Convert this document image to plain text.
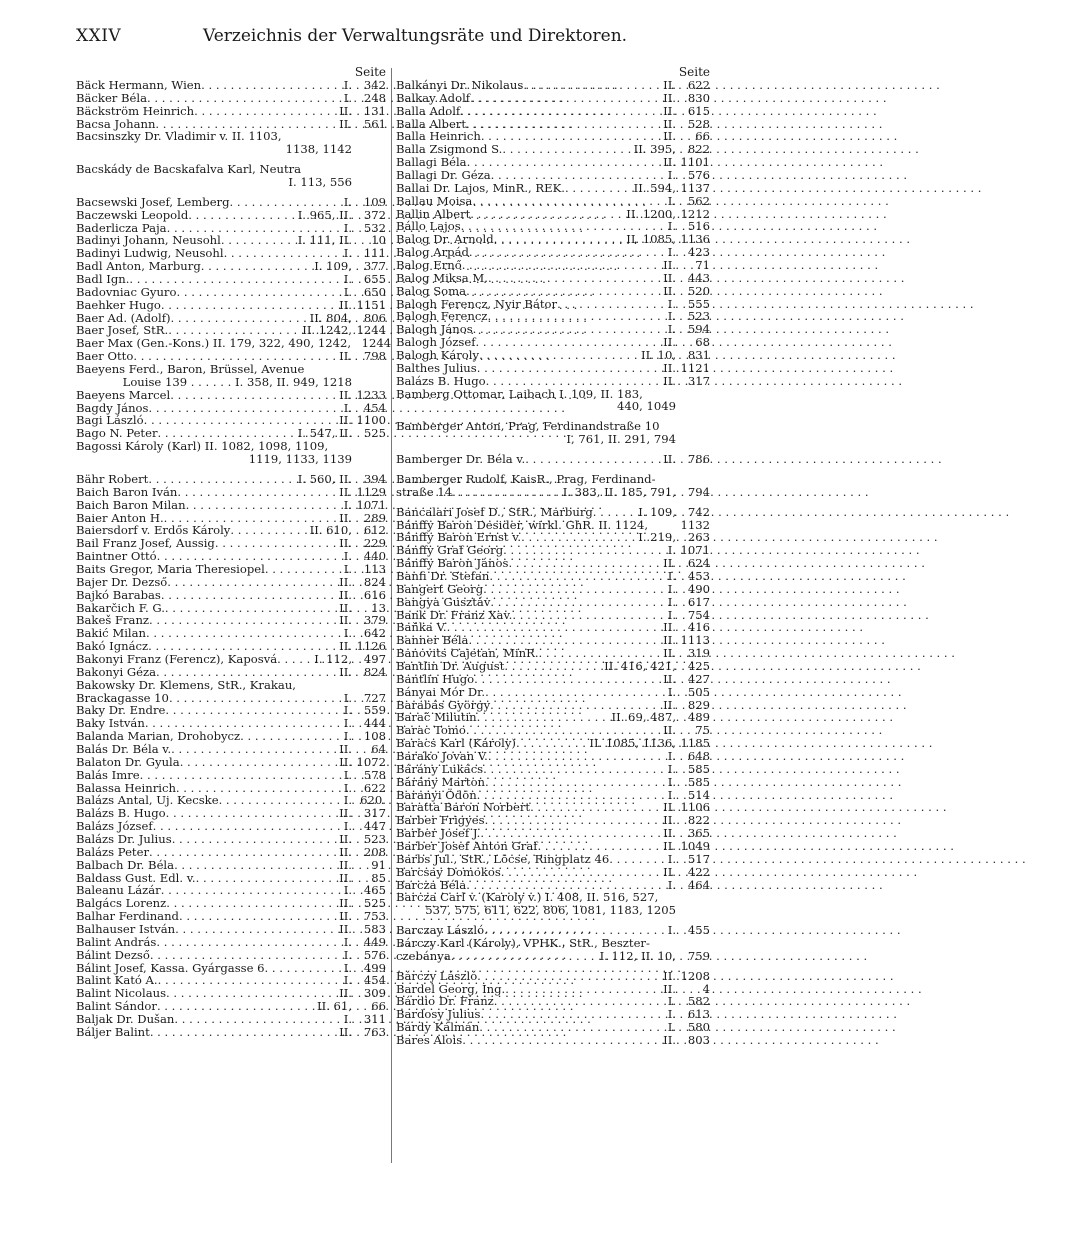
XXIV	Verzeichnis der Verwaltungsräte und Direktoren.
Seite
Bäck Hermann, Wien . . .	I.	342
Bäcker Béla . . .	I.	248
Bäckström Heinrich . . .	II.	131
Bacsa Johann . . .	II.	561
Bacsinszky Dr. Vladimir v. II. 1103,
1138, 1142
Bacskády de Bacskafalva Karl, Neutra
I. 113, 556
Bacsewski Josef, Lemberg . . .	I.	109
Baczewski Leopold . . .	I. 965, II.	372
Baderlicza Paja . . .	I.	532
Badinyi Johann, Neusohl . . .	I. 111, II.	10
Badinyi Ludwig, Neusohl . . .	I.	111
Badl Anton, Marburg . . .	I. 109,	377
Badl Ign. . . .	I.	655
Badovniac Gyuro . . .	I.	650
Baehker Hugo . . .	II. 1151
Baer Ad. (Adolf) . . .	II. 804,	806
Baer Josef, StR. . . .	II. 1242, 1244
Baer Max (Gen.-Kons.) II. 179, 322, 490, 1242, 1244
Baer Otto . . .	II.	798
Baeyens Ferd., Baron, Brüssel, Avenue
Louise 139 . . . . . . I. 358, II. 949, 1218
Baeyens Marcel . . .	II. 1233
Bagdy János . . .	I.	454
Bagi László . . .	II. 1100
Bago N. Peter . . .	I. 547, II.	525
Bagossi Károly (Karl) II. 1082, 1098, 1109,
1119, 1133, 1139
Bähr Robert . . .	I. 560, II.	394
Baich Baron Iván . . .	II. 1129
Baich Baron Milan . . .	I. 1071
Baier Anton H. . . .	II.	289
Baiersdorf v. Erdős Károly . . .	II. 610,	612
Bail Franz Josef, Aussig . . .	II.	229
Baintner Ottó . . .	I.	440
Baits Gregor, Maria Theresiopel . . .	I.	113
Bajer Dr. Dezső . . .	II.	824
Bajkó Barabas . . .	II.	616
Bakarčich F. G. . . .	II.	13
Bakeš Franz . . .	II.	379
Bakić Milan . . .	I.	642
Bakó Ignácz . . .	II. 1126
Bakonyi Franz (Ferencz), Kaposvá . . .	I. 112,	497
Bakonyi Géza . . .	II.	824
Bakowsky Dr. Klemens, StR., Krakau,
Brackagasse 10 . . .	I.	727
Baky Dr. Endre . . .	I.	559
Baky István . . .	I.	444
Balanda Marian, Drohobycz . . .	I.	108
Balás Dr. Béla v. . . .	II.	64
Balaton Dr. Gyula . . .	II. 1072
Balás Imre . . .	I.	578
Balassa Heinrich . . .	I.	622
Balázs Antal, Uj. Kecske . . .	I. 620.
Balázs B. Hugo . . .	II.	317
Balázs József . . .	I.	447
Balázs Dr. Julius . . .	II.	523
Balázs Peter . . .	II.	208
Balbach Dr. Béla . . .	II.	91
Baldass Gust. Edl. v. . . .	II.	85
Baleanu Lázár . . .	I.	465
Balgács Lorenz . . .	II.	525
Balhar Ferdinand . . .	II.	753
Balhauser István . . .	II.	583
Balint András . . .	I.	449
Bálint Dezső . . .	I.	576
Bálint Josef, Kassa. Gyárgasse 6 . . .	I.	499
Balint Kató A. . . .	I.	454
Balint Nicolaus . . .	II.	309
Balint Sándor . . .	II. 61,	66
Baljak Dr. Dušan . . .	I.	311
Báljer Balint . . .	II.	763
Seite
Balkányi Dr. Nikolaus . . .	II.	622
Balkay Adolf . . .	II.	830
Balla Adolf . . .	II.	615
Balla Albert . . .	II.	528
Balla Heinrich . . .	II.	66
Balla Zsigmond S. . . .	II. 395,	822
Ballagi Béla . . .	II. 1101
Ballagi Dr. Géza . . .	I.	576
Ballai Dr. Lajos, MinR., REK. . . .	II. 594, 1137
Ballau Moisa . . .	I.	562
Ballin Albert . . .	II. 1200, 1212
Bállo Lajos . . .	I.	516
Balog Dr. Arnold . . .	II. 1085, 1136
Balog Arpád . . .	I.	423
Balog Ernő . . .	II.	71
Balog Miksa M. . . .	II.	443
Balog Soma . . .	II.	520
Balogh Ferencz, Nyir Bátor . . .	I.	555
Balogh Ferencz . . .	I.	523
Balogh János . . .	I.	594
Balogh József . . .	II.	68
Balogh Károly . . .	II. 10,	831
Balthes Julius . . .	II. 1121
Balázs B. Hugo . . .	II.	317
Bamberg Ottomar, Laibach I. 109, II. 183,
440, 1049
Bamberger Anton, Prag, Ferdinandstraße 10
I, 761, II. 291, 794
Bamberger Dr. Béla v. . . .	II.	786
Bamberger Rudolf, KaisR., Prag, Ferdinand-
straße 14 . . .	I. 383, II. 185, 791,	794
Bancalari Josef D., StR., Marburg . . .	I. 109,	742
Bánffy Baron Desider, wirkl. GhR. II. 1124,	1132
Bánffy Baron Ernst v. . . .	I. 219,	263
Bánffy Graf Georg . . .	I. 1071
Bánffy Baron János . . .	II.	624
Banfi Dr. Stefan . . .	I.	453
Bangert Georg . . .	I.	490
Bangya Gusztáv . . .	I.	617
Bank Dr. Franz Xav. . . .	I.	754
Baňka V. . . .	II.	416
Banner Béla . . .	II. 1113
Banovits Cajetan, MinR. . . .	II.	319
Bantlin Dr. August . . .	II. 416, 421,	425
Bantlin Hugo . . .	II.	427
Bányai Mór Dr. . . .	I.	505
Barabás György . . .	II.	829
Barač Milutin . . .	II. 69, 487,	489
Barac Tomo . . .	II.	75
Baracs Karl (Károly) . . .	II. 1085, 1136, 1185
Barako Jovan V. . . .	I.	648
Bárány Lukács . . .	I.	585
Bárány Marton . . .	I.	585
Baranyi Ödön . . .	I.	514
Baratta Baron Norbert . . .	II. 1106
Barber Frigyes . . .	II.	822
Barber Josef J. . . .	II.	365
Barber Josef Anton Graf . . .	II. 1049
Barbs Jul., StR., Löcse, Ringplatz 46 . . .	I.	517
Barcsay Domokos . . .	II.	422
Barcza Béla . . .	I.	464
Barcza Carl v. (Karoly v.) I. 408, II. 516, 527,
537, 575, 611, 622, 806, 1081, 1183, 1205
Barczay László . . .	I.	455
Bárczy Karl (Károly), VPHK., StR., Beszter-
czebánya . . .	I. 112, II. 10,	759
Bárczy László . . .	II. 1208
Bardel Georg, Ing. . . .	II.	4
Bárdio Dr. Franz . . .	I.	582
Bardosy Julius . . .	I.	613
Bárdy Kálmán . . .	I.	580
Bares Alois . . .	II.	803
